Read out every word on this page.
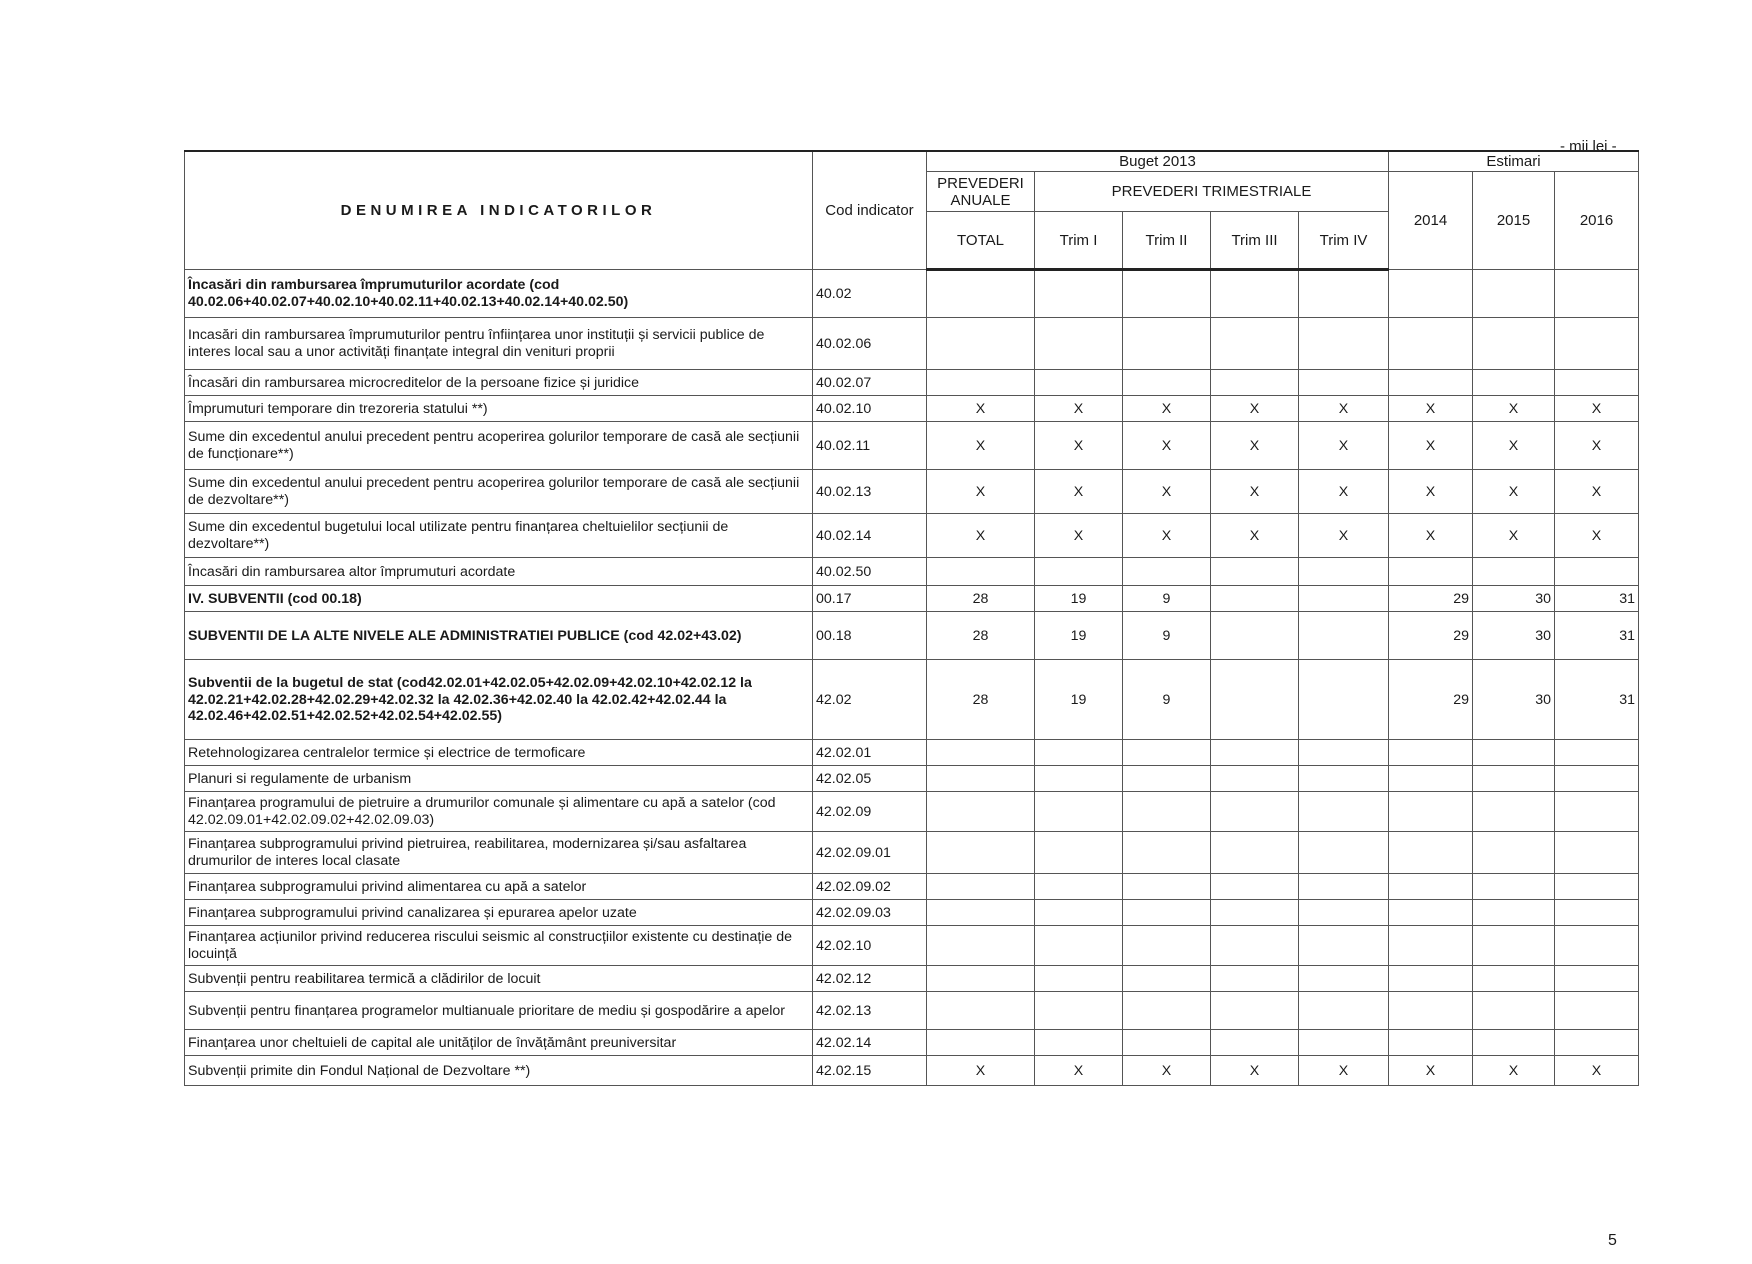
- mii lei -
DENUMIREA INDICATORILOR	Cod indicator	Buget 2013					Estimari		
		PREVEDERI ANUALE	PREVEDERI TRIMESTRIALE				2014	2015	2016
		TOTAL	Trim I	Trim II	Trim III	Trim IV			
Încasări din rambursarea împrumuturilor acordate (cod 40.02.06+40.02.07+40.02.10+40.02.11+40.02.13+40.02.14+40.02.50)	40.02								
Incasări din rambursarea împrumuturilor pentru înființarea unor instituții și servicii publice de interes local sau a unor activități finanțate integral din venituri proprii	40.02.06								
Încasări din rambursarea microcreditelor de la persoane fizice și juridice	40.02.07								
Împrumuturi temporare din trezoreria statului **)	40.02.10	X	X	X	X	X	X	X	X
Sume din excedentul anului precedent pentru acoperirea golurilor temporare de casă ale secțiunii de funcționare**)	40.02.11	X	X	X	X	X	X	X	X
Sume din excedentul anului precedent pentru acoperirea golurilor temporare de casă ale secțiunii de dezvoltare**)	40.02.13	X	X	X	X	X	X	X	X
Sume din excedentul bugetului local utilizate pentru finanțarea cheltuielilor secțiunii de dezvoltare**)	40.02.14	X	X	X	X	X	X	X	X
Încasări din rambursarea altor împrumuturi acordate	40.02.50								
IV. SUBVENTII (cod 00.18)	00.17	28	19	9			29	30	31
SUBVENTII DE LA ALTE NIVELE ALE ADMINISTRATIEI PUBLICE (cod 42.02+43.02)	00.18	28	19	9			29	30	31
Subventii de la bugetul de stat (cod42.02.01+42.02.05+42.02.09+42.02.10+42.02.12 la 42.02.21+42.02.28+42.02.29+42.02.32 la 42.02.36+42.02.40 la 42.02.42+42.02.44 la 42.02.46+42.02.51+42.02.52+42.02.54+42.02.55)	42.02	28	19	9			29	30	31
Retehnologizarea centralelor termice și electrice de termoficare	42.02.01								
Planuri si regulamente de urbanism	42.02.05								
Finanțarea programului de pietruire a drumurilor comunale și alimentare cu apă a satelor (cod 42.02.09.01+42.02.09.02+42.02.09.03)	42.02.09								
Finanțarea subprogramului privind pietruirea, reabilitarea, modernizarea și/sau asfaltarea drumurilor de interes local clasate	42.02.09.01								
Finanțarea subprogramului privind alimentarea cu apă a satelor	42.02.09.02								
Finanțarea subprogramului privind canalizarea și epurarea apelor uzate	42.02.09.03								
Finanțarea acțiunilor privind reducerea riscului seismic al construcțiilor existente cu destinație de locuință	42.02.10								
Subvenții pentru reabilitarea termică a clădirilor de locuit	42.02.12								
Subvenții pentru finanțarea programelor multianuale prioritare de mediu și gospodărire a apelor	42.02.13								
Finanțarea unor cheltuieli de capital ale unităților de învățământ preuniversitar	42.02.14								
Subvenții primite din Fondul Național de Dezvoltare **)	42.02.15	X	X	X	X	X	X	X	X
5
